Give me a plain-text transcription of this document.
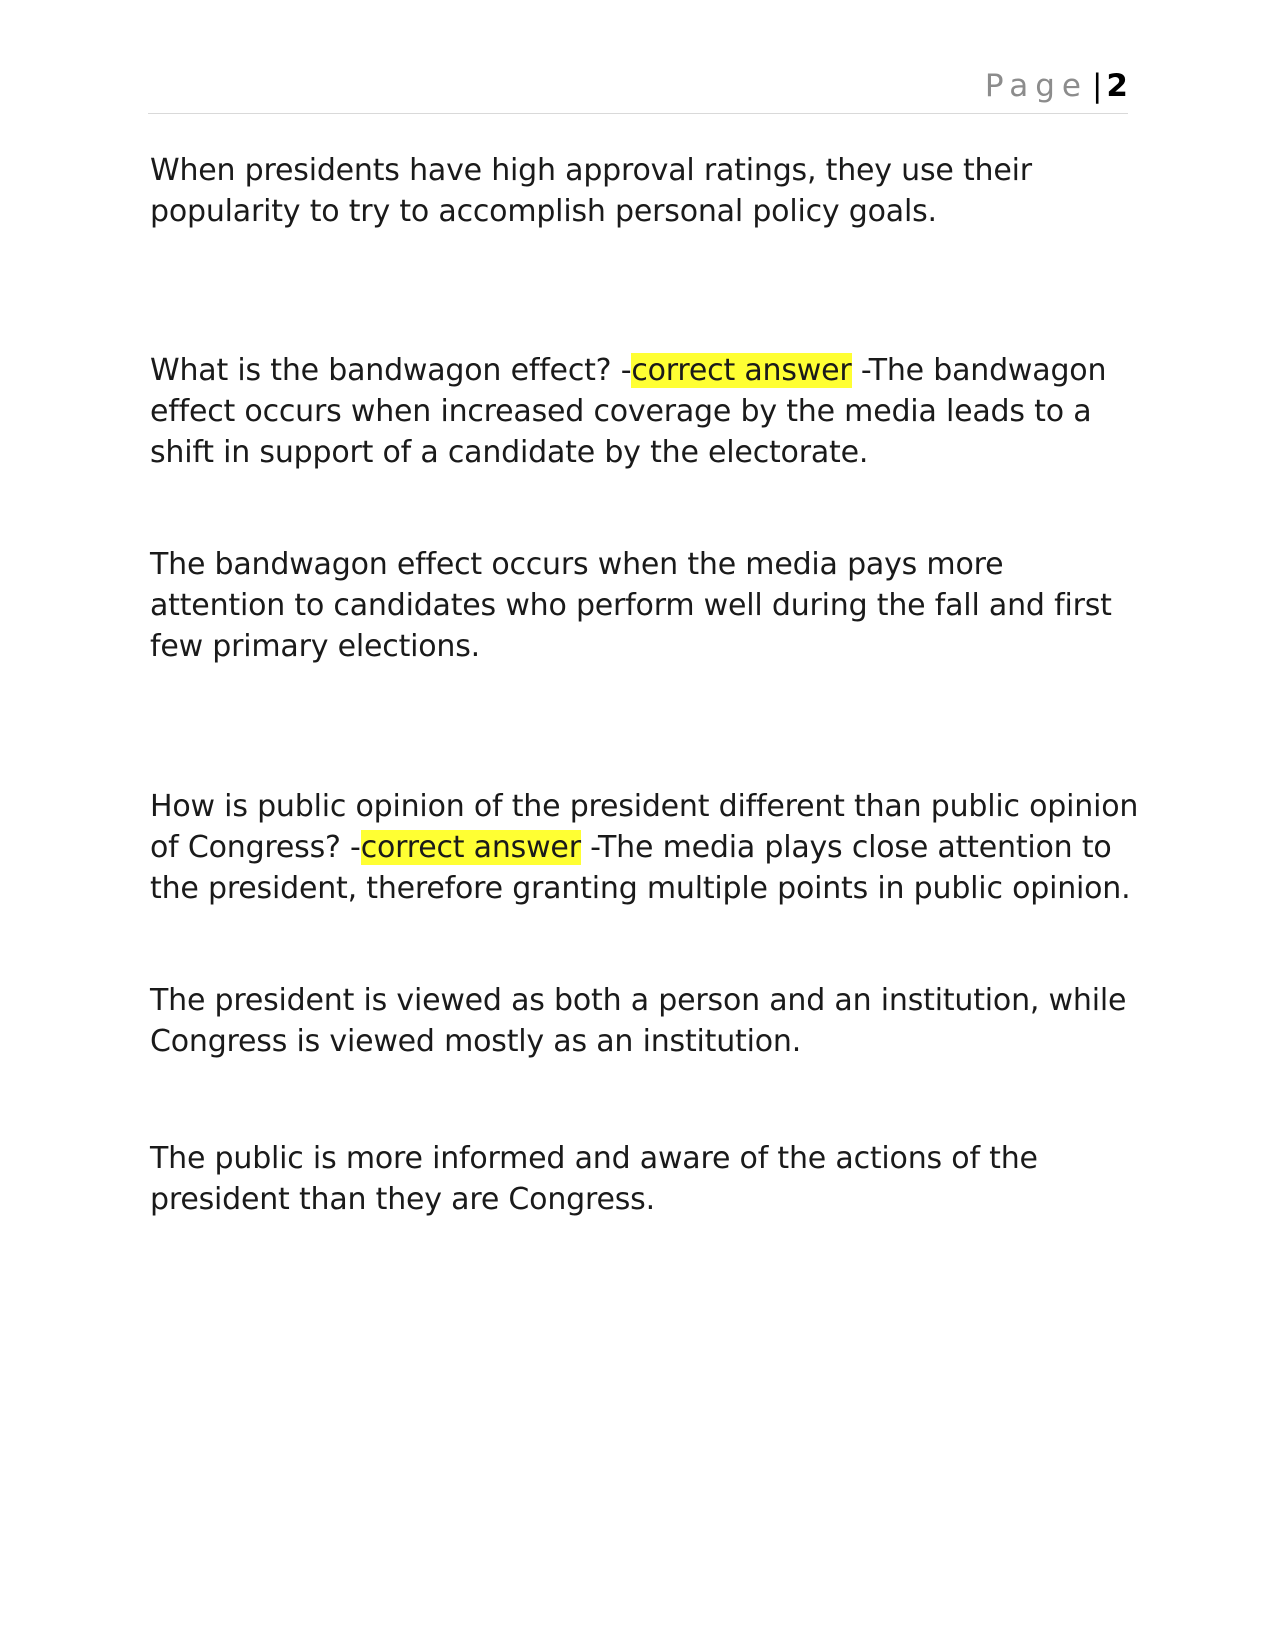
Page | 2

When presidents have high approval ratings, they use their popularity to try to accomplish personal policy goals.

What is the bandwagon effect? -correct answer -The bandwagon effect occurs when increased coverage by the media leads to a shift in support of a candidate by the electorate.

The bandwagon effect occurs when the media pays more attention to candidates who perform well during the fall and first few primary elections.

How is public opinion of the president different than public opinion of Congress? -correct answer -The media plays close attention to the president, therefore granting multiple points in public opinion.

The president is viewed as both a person and an institution, while Congress is viewed mostly as an institution.

The public is more informed and aware of the actions of the president than they are Congress.
